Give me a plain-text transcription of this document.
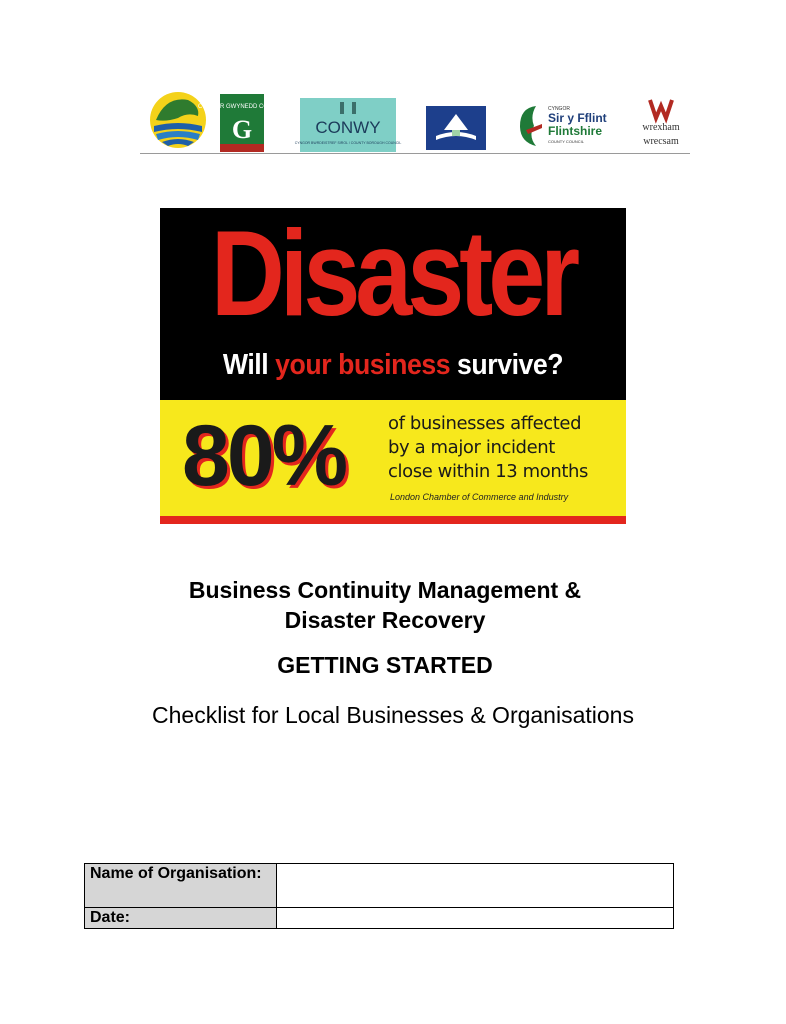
CYNGOR GWYNEDD COUNCIL
G	CONWY
CYNGOR BWRDEISTREF SIROL / COUNTY BOROUGH COUNCIL
CYNGOR
Sir y Fflint
Flintshire
COUNTY COUNCIL
wrexham
wrecsam
Disaster
Will your business survive?
80% of businesses affected
by a major incident
close within 13 months
London Chamber of Commerce and Industry
Business Continuity Management &
Disaster Recovery
GETTING STARTED
Checklist for Local Businesses & Organisations
Name of Organisation:	
Date:	
